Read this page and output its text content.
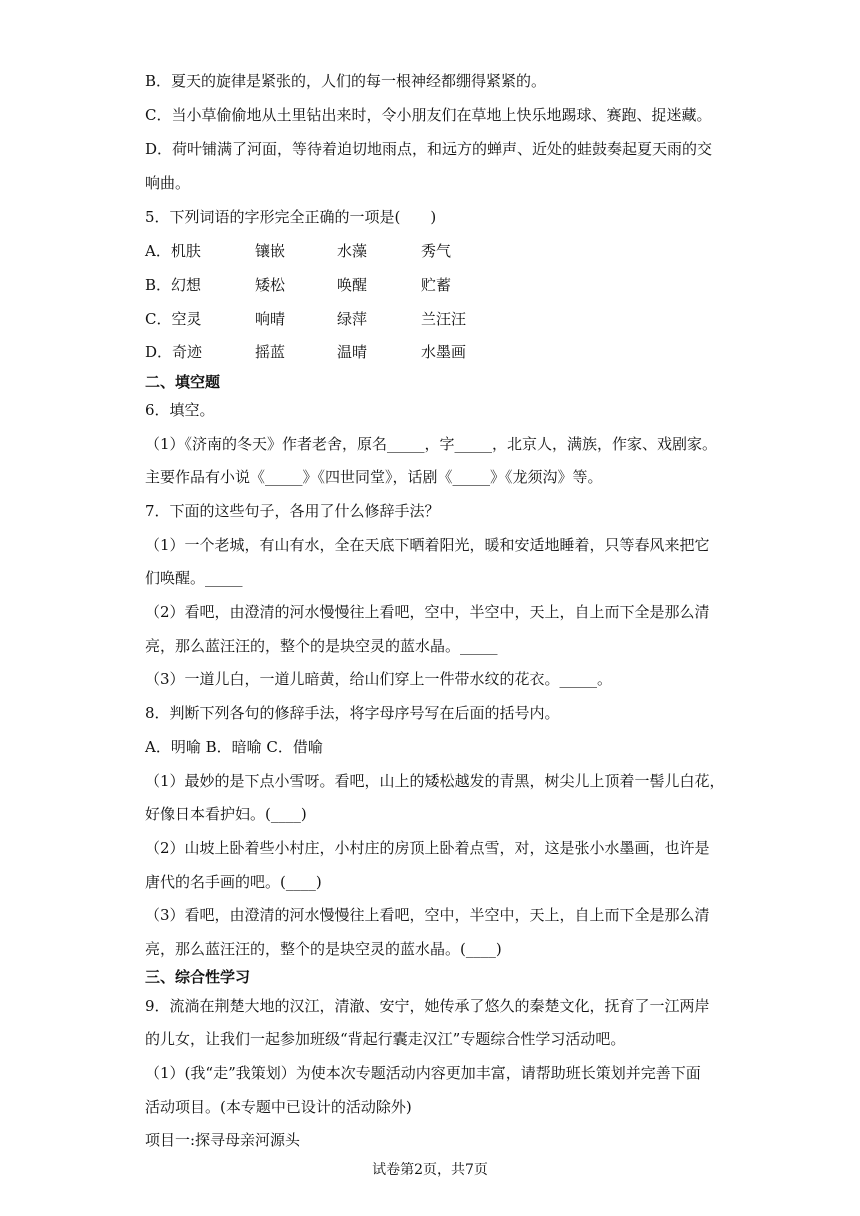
B．夏天的旋律是紧张的，人们的每一根神经都绷得紧紧的。
C．当小草偷偷地从土里钻出来时，令小朋友们在草地上快乐地踢球、赛跑、捉迷藏。
D．荷叶铺满了河面，等待着迫切地雨点，和远方的蝉声、近处的蛙鼓奏起夏天雨的交
响曲。
5．下列词语的字形完全正确的一项是(　　)
A．机肤	镶嵌	水藻	秀气
B．幻想	矮松	唤醒	贮蓄
C．空灵	响晴	绿萍	兰汪汪
D．奇迹	摇蓝	温晴	水墨画
二、填空题
6．填空。
（1）《济南的冬天》作者老舍，原名_____，字_____，北京人，满族，作家、戏剧家。
主要作品有小说《_____》《四世同堂》，话剧《_____》《龙须沟》等。
7．下面的这些句子，各用了什么修辞手法？
（1）一个老城，有山有水，全在天底下晒着阳光，暖和安适地睡着，只等春风来把它
们唤醒。_____
（2）看吧，由澄清的河水慢慢往上看吧，空中，半空中，天上，自上而下全是那么清
亮，那么蓝汪汪的，整个的是块空灵的蓝水晶。_____
（3）一道儿白，一道儿暗黄，给山们穿上一件带水纹的花衣。_____。
8．判断下列各句的修辞手法，将字母序号写在后面的括号内。
A．明喻 B．暗喻 C．借喻
（1）最妙的是下点小雪呀。看吧，山上的矮松越发的青黑，树尖儿上顶着一髻儿白花，
好像日本看护妇。(____)
（2）山坡上卧着些小村庄，小村庄的房顶上卧着点雪，对，这是张小水墨画，也许是
唐代的名手画的吧。(____)
（3）看吧，由澄清的河水慢慢往上看吧，空中，半空中，天上，自上而下全是那么清
亮，那么蓝汪汪的，整个的是块空灵的蓝水晶。(____)
三、综合性学习
9．流淌在荆楚大地的汉江，清澈、安宁，她传承了悠久的秦楚文化，抚育了一江两岸
的儿女，让我们一起参加班级“背起行囊走汉江”专题综合性学习活动吧。
（1）(我“走”我策划）为使本次专题活动内容更加丰富，请帮助班长策划并完善下面
活动项目。(本专题中已设计的活动除外)
项目一:探寻母亲河源头
试卷第2页，共7页
